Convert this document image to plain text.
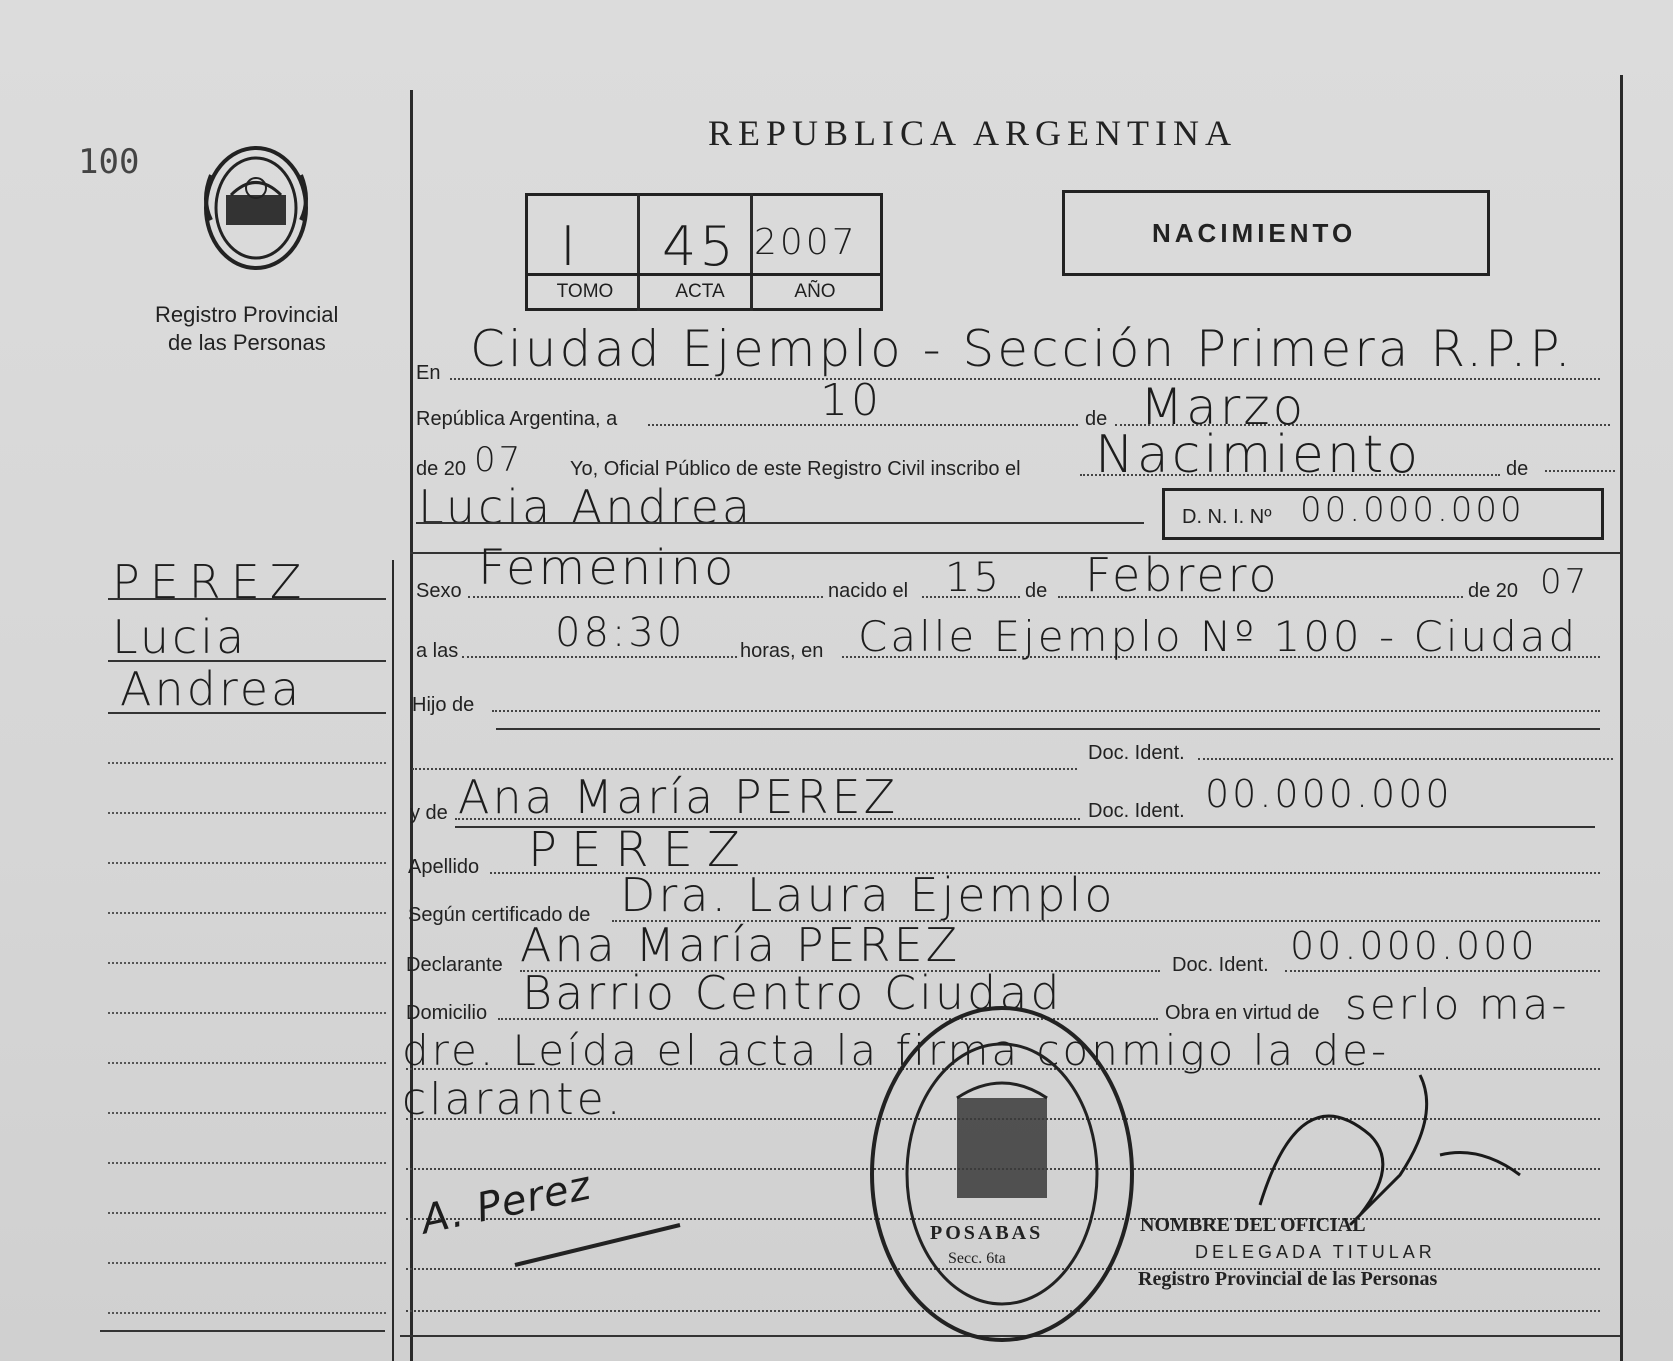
100
Registro Provincial
de las Personas
REPUBLICA ARGENTINA
I 45 2007
TOMO	ACTA	AÑO
NACIMIENTO
PEREZ
Lucia
Andrea
En Ciudad Ejemplo - Sección Primera R.P.P.
República Argentina, a	de
10	Marzo
de 20 07 Yo, Oficial Público de este Registro Civil inscribo el Nacimiento	de
Lucia Andrea	D. N. I. Nº 00.000.000
Sexo Femenino	nacido el 15 de Febrero	de 20 07
a las 08:30	horas, en Calle Ejemplo Nº 100 - Ciudad
Hijo de
Doc. Ident.
y de Ana María PEREZ	Doc. Ident. 00.000.000
Apellido PEREZ
Según certificado de Dra. Laura Ejemplo
Declarante Ana María PEREZ	Doc. Ident. 00.000.000
Domicilio Barrio Centro Ciudad	Obra en virtud de serlo ma-
dre. Leída el acta la firma conmigo la de-
clarante.
A. Perez	POSABAS
Secc. 6ta
NOMBRE DEL OFICIAL
DELEGADA TITULAR
Registro Provincial de las Personas
